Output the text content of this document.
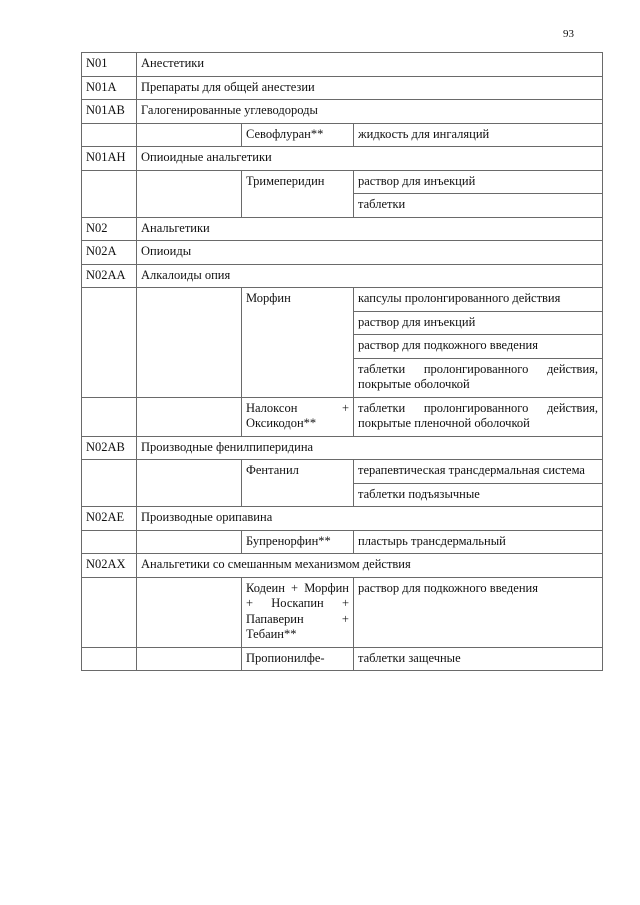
93
N01	Анестетики		
N01A	Препараты для общей анестезии		
N01AB	Галогенированные углеводороды		
		Севофлуран**	жидкость для ингаляций
N01AH	Опиоидные анальгетики		
		Тримеперидин	раствор для инъекций
			таблетки
N02	Анальгетики		
N02A	Опиоиды		
N02AA	Алкалоиды опия		
		Морфин	капсулы пролонгированного действия
			раствор для инъекций
			раствор для подкожного введения
			таблетки пролонгированного действия, покрытые оболочкой
		Налоксон + Оксикодон**	таблетки пролонгированного действия, покрытые пленочной оболочкой
N02AB	Производные фенилпиперидина		
		Фентанил	терапевтическая трансдермальная система
			таблетки подъязычные
N02AE	Производные орипавина		
		Бупренорфин**	пластырь трансдермальный
N02AX	Анальгетики со смешанным механизмом действия		
		Кодеин + Морфин + Носкапин + Папаверин + Тебаин**	раствор для подкожного введения
		Пропионилфе-	таблетки защечные
